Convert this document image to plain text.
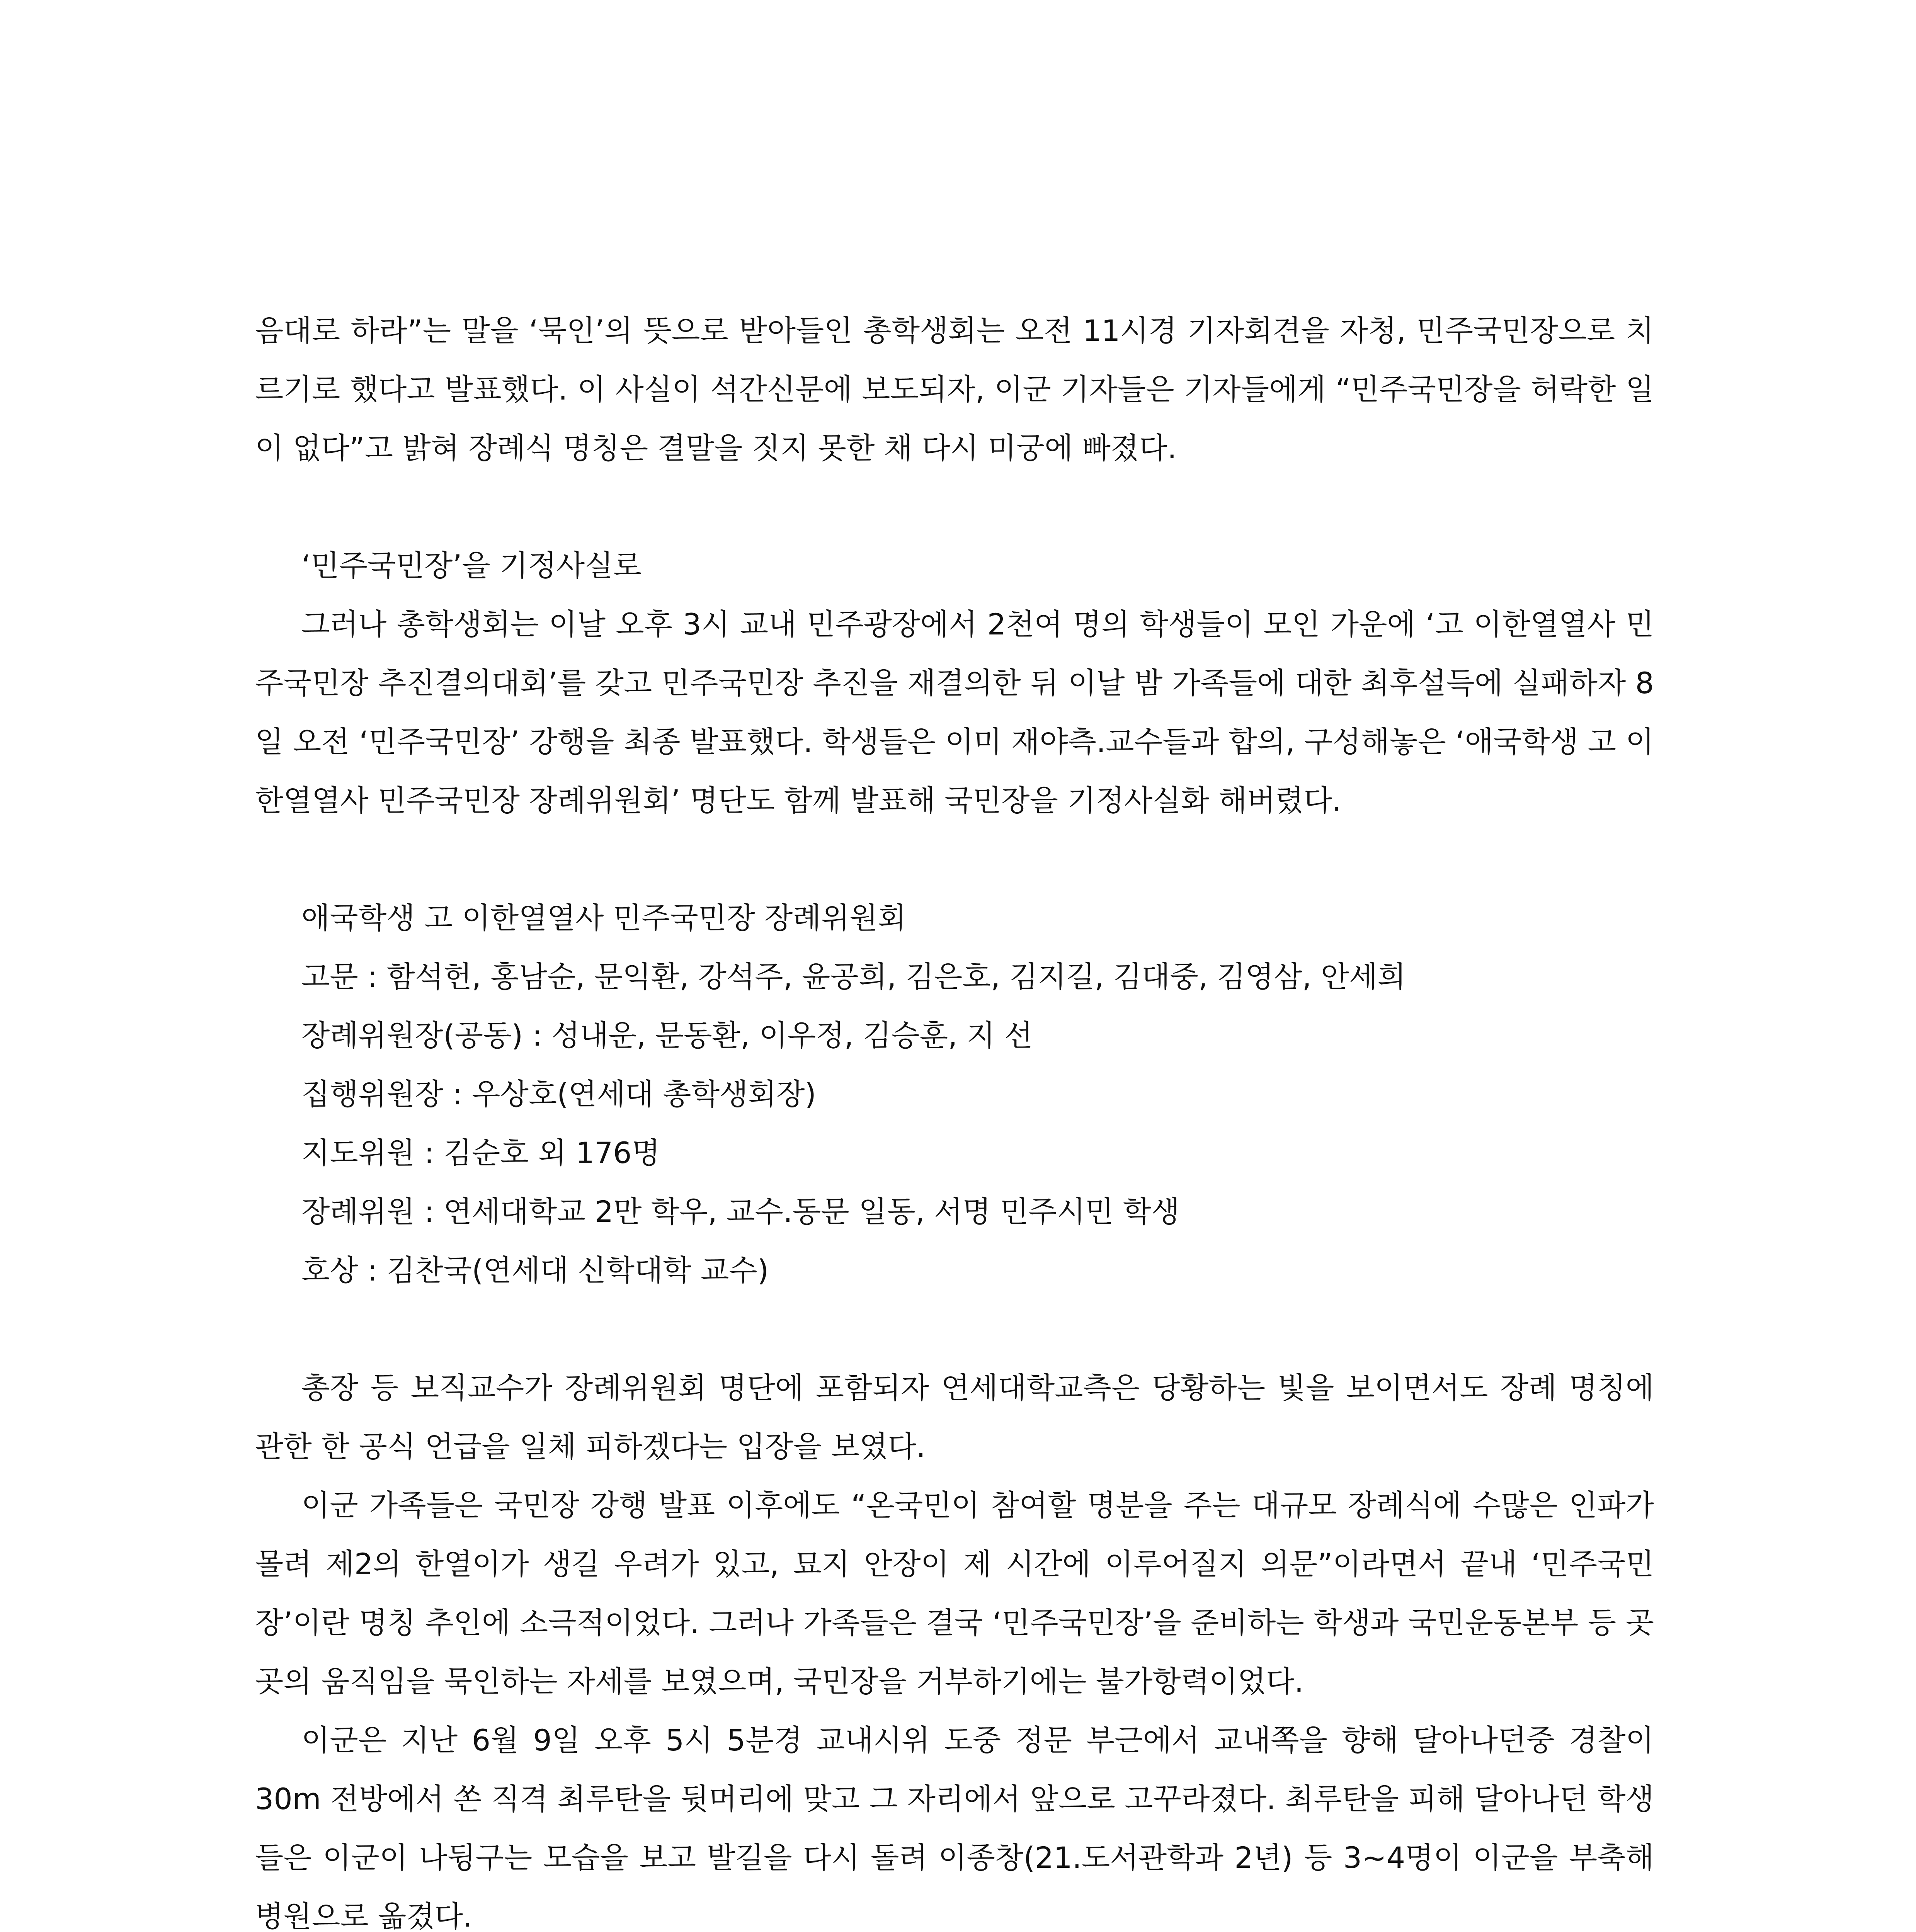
음대로 하라”는 말을 ‘묵인’의 뜻으로 받아들인 총학생회는 오전 11시경 기자회견을 자청, 민주국민장으로 치르기로 했다고 발표했다. 이 사실이 석간신문에 보도되자, 이군 기자들은 기자들에게 “민주국민장을 허락한 일이 없다”고 밝혀 장례식 명칭은 결말을 짓지 못한 채 다시 미궁에 빠졌다.

‘민주국민장’을 기정사실로

그러나 총학생회는 이날 오후 3시 교내 민주광장에서 2천여 명의 학생들이 모인 가운에 ‘고 이한열열사 민주국민장 추진결의대회’를 갖고 민주국민장 추진을 재결의한 뒤 이날 밤 가족들에 대한 최후설득에 실패하자 8일 오전 ‘민주국민장’ 강행을 최종 발표했다. 학생들은 이미 재야측.교수들과 합의, 구성해놓은 ‘애국학생 고 이한열열사 민주국민장 장례위원회’ 명단도 함께 발표해 국민장을 기정사실화 해버렸다.

애국학생 고 이한열열사 민주국민장 장례위원회

고문 : 함석헌, 홍남순, 문익환, 강석주, 윤공희, 김은호, 김지길, 김대중, 김영삼, 안세희

장례위원장(공동) : 성내운, 문동환, 이우정, 김승훈, 지 선

집행위원장 : 우상호(연세대 총학생회장)

지도위원 : 김순호 외 176명

장례위원 : 연세대학교 2만 학우, 교수.동문 일동, 서명 민주시민 학생

호상 : 김찬국(연세대 신학대학 교수)

총장 등 보직교수가 장례위원회 명단에 포함되자 연세대학교측은 당황하는 빛을 보이면서도 장례 명칭에 관한 한 공식 언급을 일체 피하겠다는 입장을 보였다.

이군 가족들은 국민장 강행 발표 이후에도 “온국민이 참여할 명분을 주는 대규모 장례식에 수많은 인파가 몰려 제2의 한열이가 생길 우려가 있고, 묘지 안장이 제 시간에 이루어질지 의문”이라면서 끝내 ‘민주국민장’이란 명칭 추인에 소극적이었다. 그러나 가족들은 결국 ‘민주국민장’을 준비하는 학생과 국민운동본부 등 곳곳의 움직임을 묵인하는 자세를 보였으며, 국민장을 거부하기에는 불가항력이었다.

이군은 지난 6월 9일 오후 5시 5분경 교내시위 도중 정문 부근에서 교내쪽을 향해 달아나던중 경찰이 30m 전방에서 쏜 직격 최루탄을 뒷머리에 맞고 그 자리에서 앞으로 고꾸라졌다. 최루탄을 피해 달아나던 학생들은 이군이 나뒹구는 모습을 보고 발길을 다시 돌려 이종창(21.도서관학과 2년) 등 3~4명이 이군을 부축해 병원으로 옮겼다.
